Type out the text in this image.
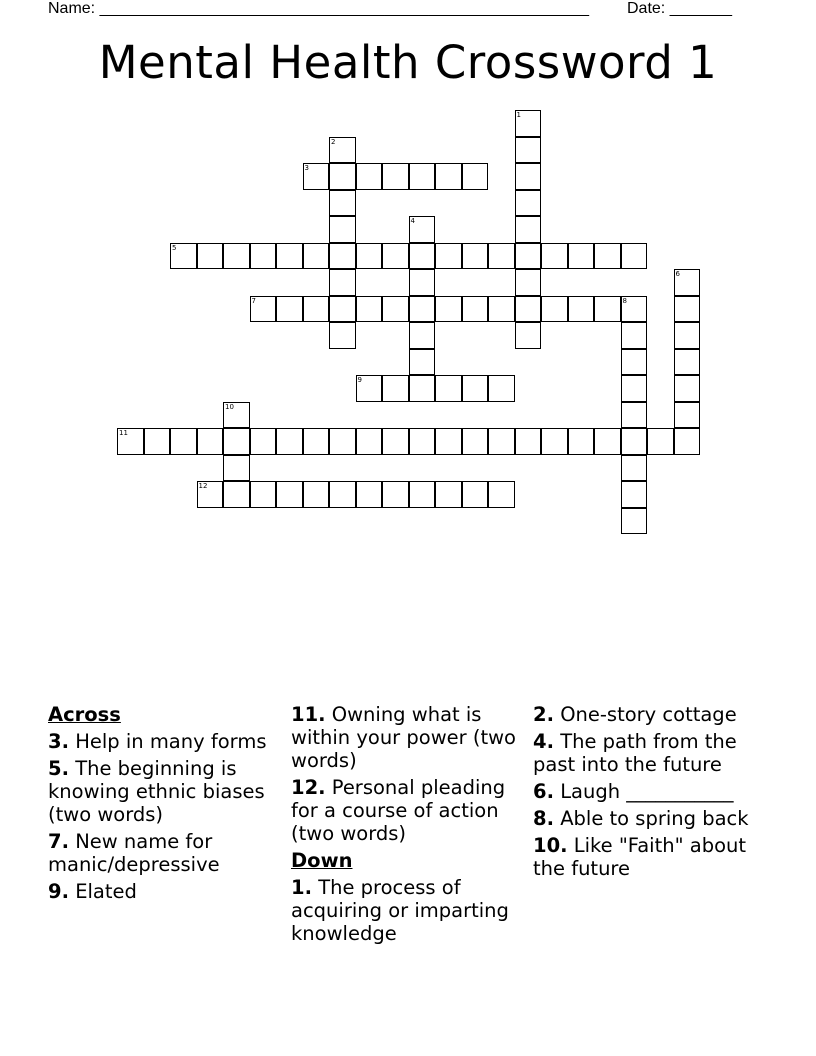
Name: _______________________________________________________ Date: _______
Mental Health Crossword 1
1
2
3
4
5
6
7	8
9
10
11
12
Across
3. Help in many forms
5. The beginning is knowing ethnic biases (two words)
7. New name for manic/depressive
9. Elated
11. Owning what is within your power (two words)
12. Personal pleading for a course of action (two words)
Down
1. The process of acquiring or imparting knowledge
2. One-story cottage
4. The path from the past into the future
6. Laugh ___________
8. Able to spring back
10. Like "Faith" about the future
